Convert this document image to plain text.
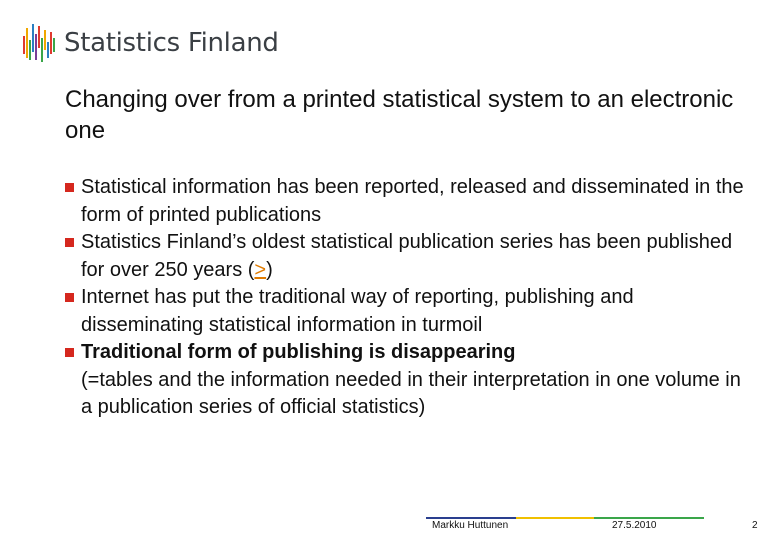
Statistics Finland
Changing over from a printed statistical system to an electronic one
Statistical information has been reported, released and disseminated in the form of printed publications
Statistics Finland’s oldest statistical publication series has been published for over 250 years (>)
Internet has put the traditional way of reporting, publishing and disseminating statistical information in turmoil
Traditional form of publishing is disappearing
(=tables and the information needed in their interpretation in one volume in a publication series of official statistics)
Markku Huttunen	27.5.2010	2
